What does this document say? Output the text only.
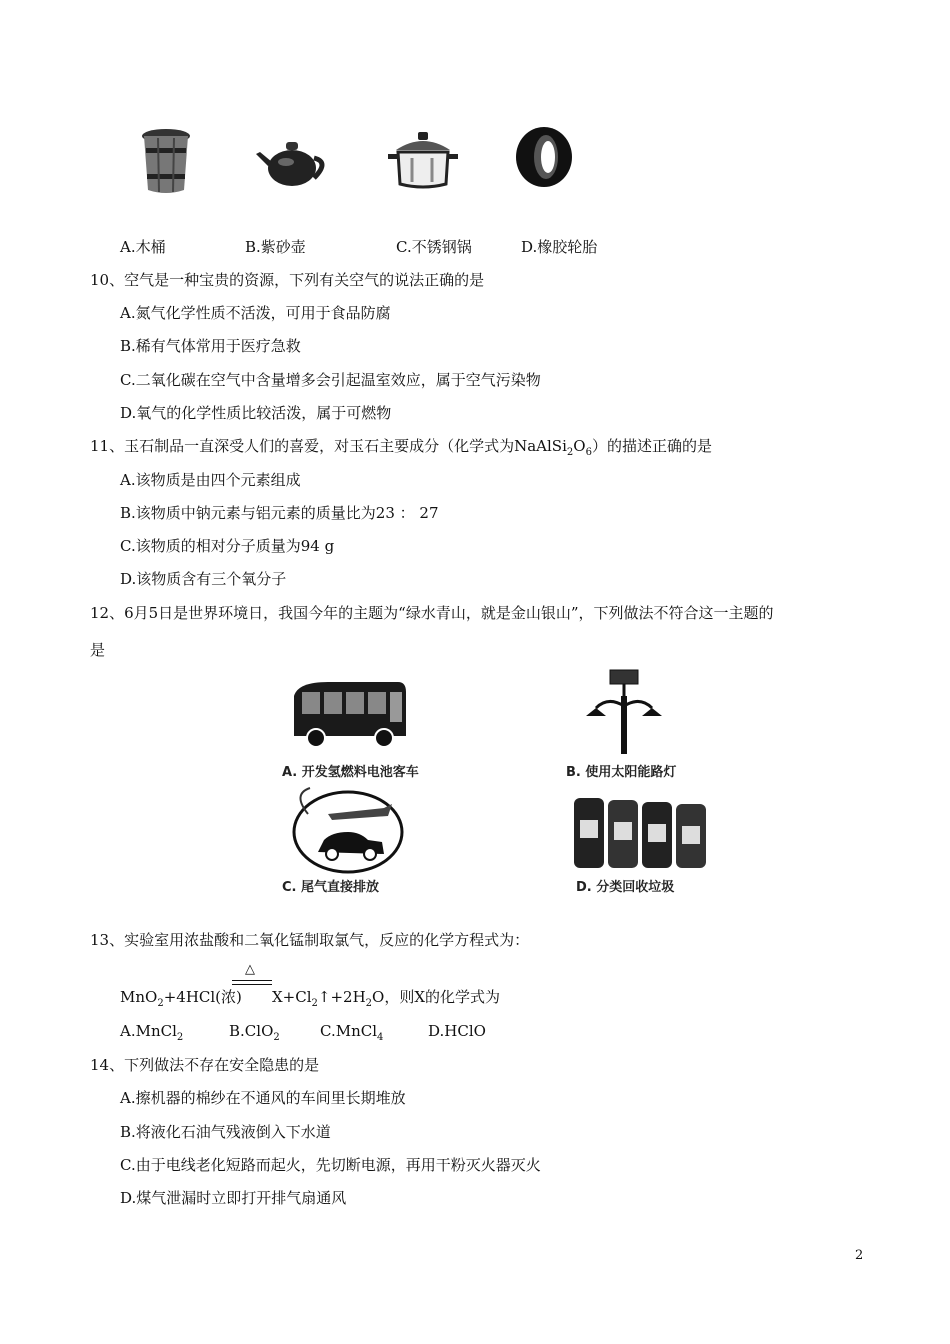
A.木桶	B.紫砂壶	C.不锈钢锅	D.橡胶轮胎
10、空气是一种宝贵的资源，下列有关空气的说法正确的是
A.氮气化学性质不活泼，可用于食品防腐
B.稀有气体常用于医疗急救
C.二氧化碳在空气中含量增多会引起温室效应，属于空气污染物
D.氧气的化学性质比较活泼，属于可燃物
11、玉石制品一直深受人们的喜爱，对玉石主要成分（化学式为$NaAlSi_2O_6$）的描述正确的是
A.该物质是由四个元素组成
B.该物质中钠元素与铝元素的质量比为23 ： 27
C.该物质的相对分子质量为94 g
D.该物质含有三个氧分子
12、6月5日是世界环境日，我国今年的主题为“绿水青山，就是金山银山”，下列做法不符合这一主题的
是
A. 开发氢燃料电池客车	B. 使用太阳能路灯
C. 尾气直接排放	D. 分类回收垃圾
13、实验室用浓盐酸和二氧化锰制取氯气，反应的化学方程式为：
△
MnO$_2$+4HCl(浓) $X+Cl_2↑+2H_2O$，则X的化学式为
A.MnCl$_2$	B.ClO$_2$	C.MnCl$_4$	D.HClO
14、下列做法不存在安全隐患的是
A.擦机器的棉纱在不通风的车间里长期堆放
B.将液化石油气残液倒入下水道
C.由于电线老化短路而起火，先切断电源，再用干粉灭火器灭火
D.煤气泄漏时立即打开排气扇通风
2
